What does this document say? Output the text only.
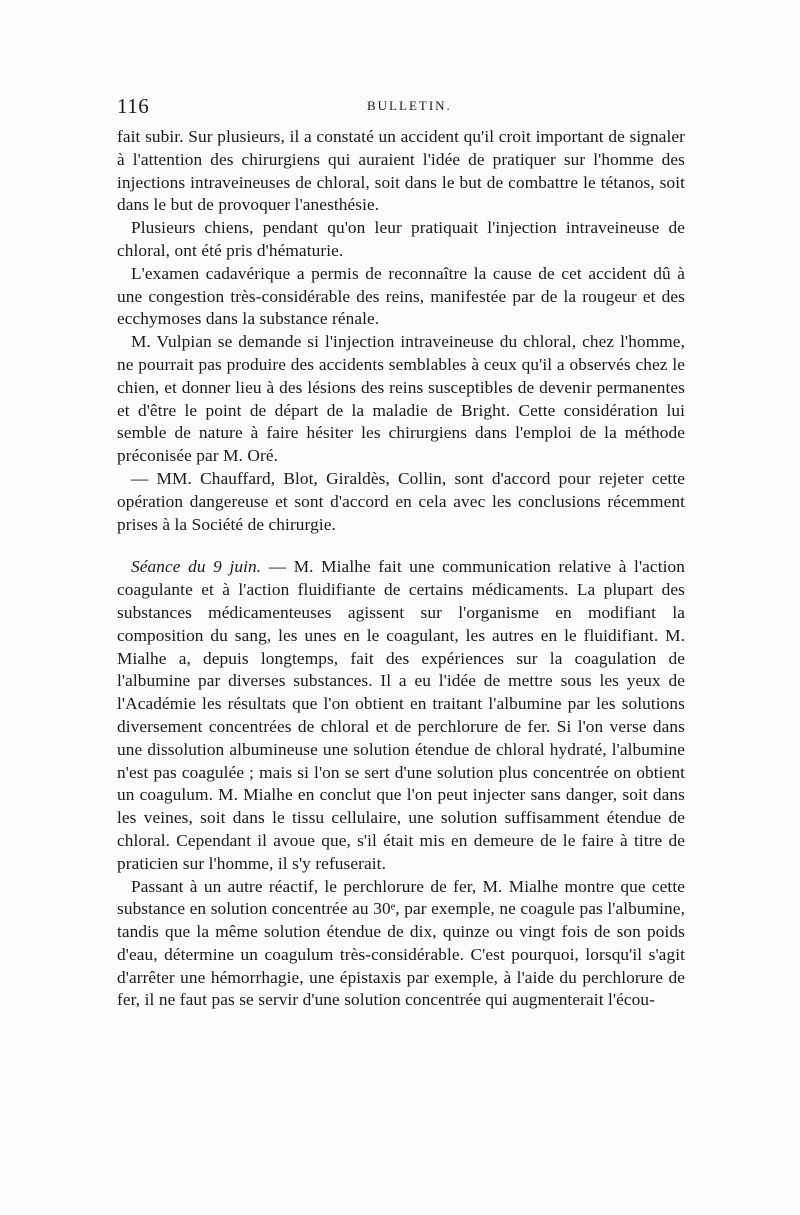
116	BULLETIN.

fait subir. Sur plusieurs, il a constaté un accident qu'il croit important de signaler à l'attention des chirurgiens qui auraient l'idée de pratiquer sur l'homme des injections intraveineuses de chloral, soit dans le but de combattre le tétanos, soit dans le but de provoquer l'anesthésie.

Plusieurs chiens, pendant qu'on leur pratiquait l'injection intraveineuse de chloral, ont été pris d'hématurie.

L'examen cadavérique a permis de reconnaître la cause de cet accident dû à une congestion très-considérable des reins, manifestée par de la rougeur et des ecchymoses dans la substance rénale.

M. Vulpian se demande si l'injection intraveineuse du chloral, chez l'homme, ne pourrait pas produire des accidents semblables à ceux qu'il a observés chez le chien, et donner lieu à des lésions des reins susceptibles de devenir permanentes et d'être le point de départ de la maladie de Bright. Cette considération lui semble de nature à faire hésiter les chirurgiens dans l'emploi de la méthode préconisée par M. Oré.

— MM. Chauffard, Blot, Giraldès, Collin, sont d'accord pour rejeter cette opération dangereuse et sont d'accord en cela avec les conclusions récemment prises à la Société de chirurgie.

Séance du 9 juin. — M. Mialhe fait une communication relative à l'action coagulante et à l'action fluidifiante de certains médicaments. La plupart des substances médicamenteuses agissent sur l'organisme en modifiant la composition du sang, les unes en le coagulant, les autres en le fluidifiant. M. Mialhe a, depuis longtemps, fait des expériences sur la coagulation de l'albumine par diverses substances. Il a eu l'idée de mettre sous les yeux de l'Académie les résultats que l'on obtient en traitant l'albumine par les solutions diversement concentrées de chloral et de perchlorure de fer. Si l'on verse dans une dissolution albumineuse une solution étendue de chloral hydraté, l'albumine n'est pas coagulée ; mais si l'on se sert d'une solution plus concentrée on obtient un coagulum. M. Mialhe en conclut que l'on peut injecter sans danger, soit dans les veines, soit dans le tissu cellulaire, une solution suffisamment étendue de chloral. Cependant il avoue que, s'il était mis en demeure de le faire à titre de praticien sur l'homme, il s'y refuserait.

Passant à un autre réactif, le perchlorure de fer, M. Mialhe montre que cette substance en solution concentrée au 30ᵉ, par exemple, ne coagule pas l'albumine, tandis que la même solution étendue de dix, quinze ou vingt fois de son poids d'eau, détermine un coagulum très-considérable. C'est pourquoi, lorsqu'il s'agit d'arrêter une hémorrhagie, une épistaxis par exemple, à l'aide du perchlorure de fer, il ne faut pas se servir d'une solution concentrée qui augmenterait l'écou-
